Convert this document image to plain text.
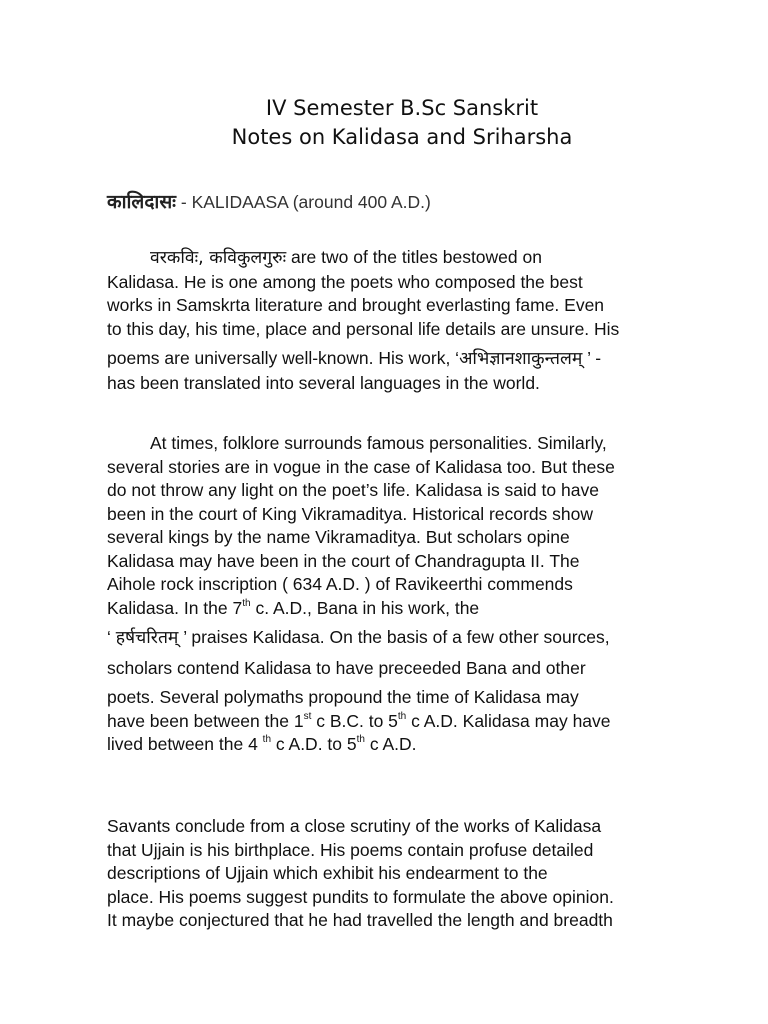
IV Semester B.Sc Sanskrit
Notes on Kalidasa and Sriharsha
कालिदासः - KALIDAASA (around 400 A.D.)
वरकविः, कविकुलगुरुः are two of the titles bestowed on
Kalidasa. He is one among the poets who composed the best
works in Samskrta literature and brought everlasting fame. Even
to this day, his time, place and personal life details are unsure. His
poems are universally well-known. His work, ‘अभिज्ञानशाकुन्तलम् ’ -
has been translated into several languages in the world.
At times, folklore surrounds famous personalities. Similarly,
several stories are in vogue in the case of Kalidasa too. But these
do not throw any light on the poet’s life. Kalidasa is said to have
been in the court of King Vikramaditya. Historical records show
several kings by the name Vikramaditya. But scholars opine
Kalidasa may have been in the court of Chandragupta II. The
Aihole rock inscription ( 634 A.D. ) of Ravikeerthi commends
Kalidasa. In the 7th c. A.D., Bana in his work, the
‘ हर्षचरितम् ’ praises Kalidasa. On the basis of a few other sources,
scholars contend Kalidasa to have preceeded Bana and other
poets. Several polymaths propound the time of Kalidasa may
have been between the 1st c B.C. to 5th c A.D. Kalidasa may have
lived between the 4 $^{th}$ c A.D. to 5th c A.D.
Savants conclude from a close scrutiny of the works of Kalidasa
that Ujjain is his birthplace. His poems contain profuse detailed
descriptions of Ujjain which exhibit his endearment to the
place. His poems suggest pundits to formulate the above opinion.
It maybe conjectured that he had travelled the length and breadth
